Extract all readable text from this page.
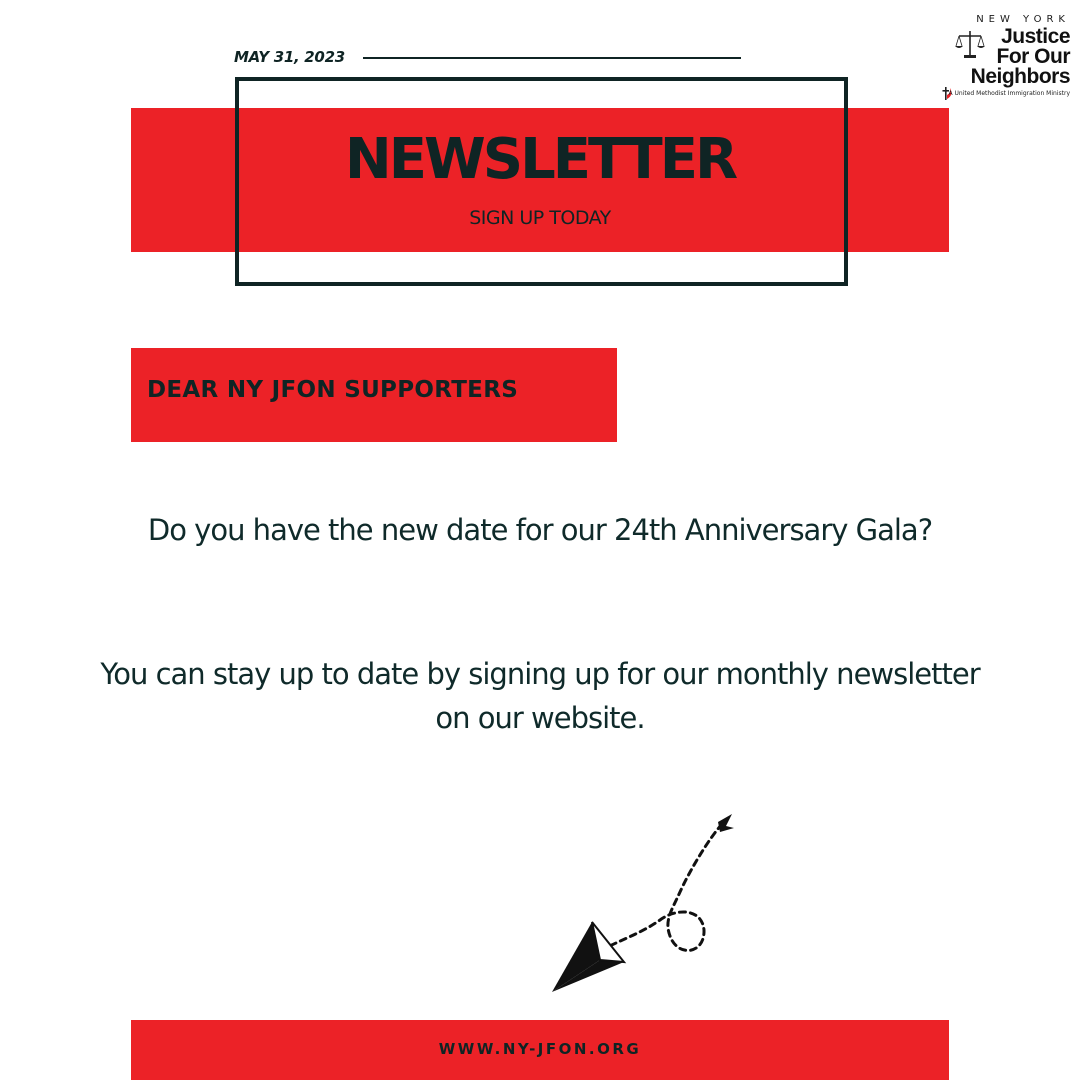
MAY 31, 2023
NEW YORK
Justice
For Our
Neighbors
A United Methodist Immigration Ministry
NEWSLETTER
SIGN UP TODAY
DEAR NY JFON SUPPORTERS
Do you have the new date for our 24th Anniversary Gala?
You can stay up to date by signing up for our monthly newsletter on our website.
WWW.NY-JFON.ORG
